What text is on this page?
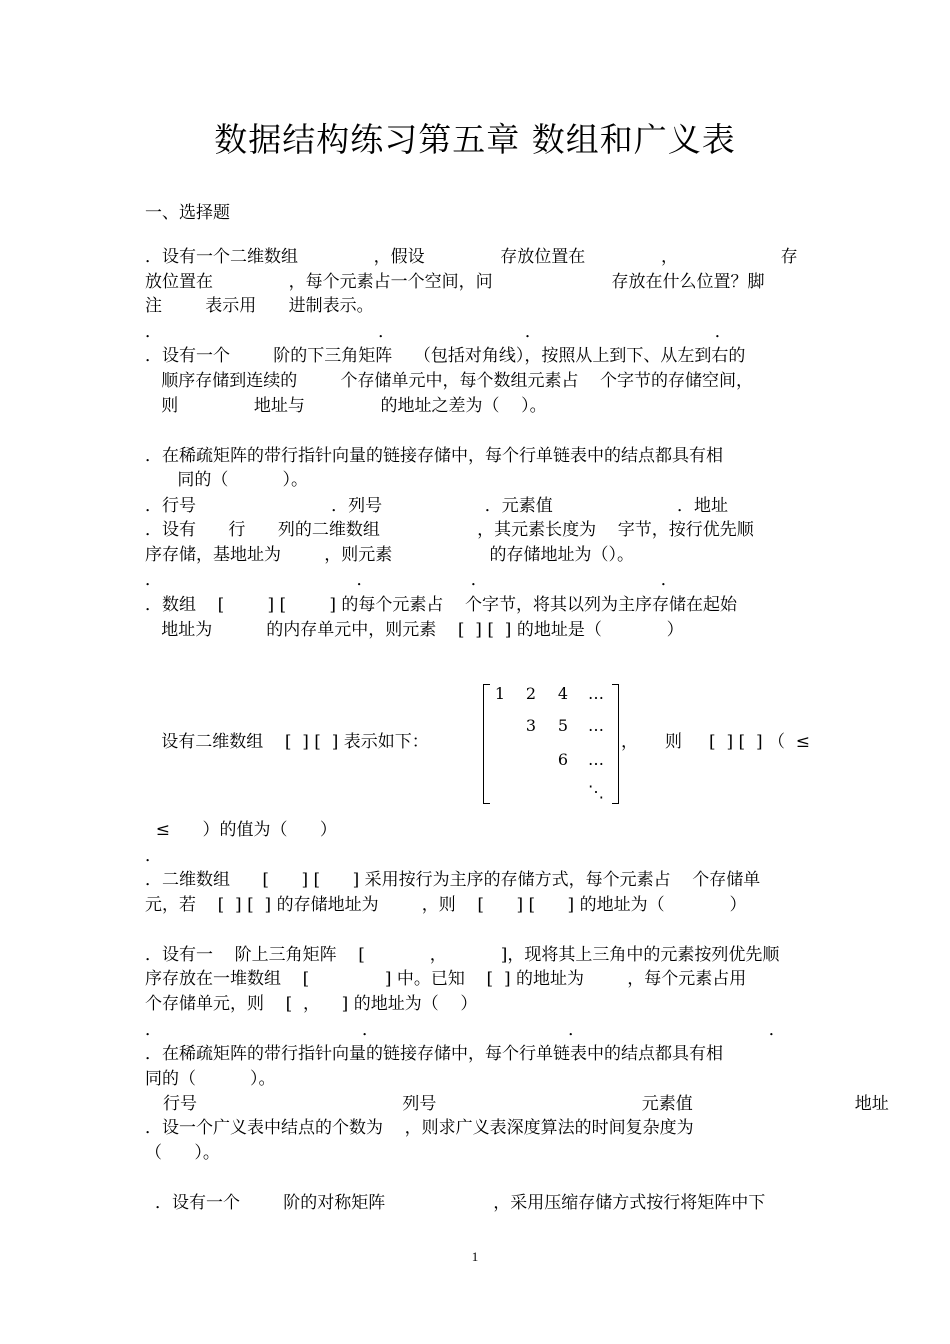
数据结构练习第五章 数组和广义表
一、选择题
．设有一个二维数组              ，假设              存放位置在              ，                   存
放位置在              ，每个元素占一个空间，问                      存放在什么位置？脚
注        表示用      进制表示。
．                                        ．                        ．                                ．
．设有一个        阶的下三角矩阵    （包括对角线），按照从上到下、从左到右的
顺序存储到连续的        个存储单元中，每个数组元素占    个字节的存储空间，
则              地址与              的地址之差为（    ）。
．在稀疏矩阵的带行指针向量的链接存储中，每个行单链表中的结点都具有相
同的（          ）。
．行号                         ．列号                   ．元素值                       ．地址
．设有      行      列的二维数组                  ，其元素长度为    字节，按行优先顺
序存储，基地址为        ，则元素                  的存储地址为（）。
．                                    ．                  ．                                ．
．数组    [        ] [        ] 的每个元素占    个字节，将其以列为主序存储在起始
地址为          的内存单元中，则元素    [  ] [  ] 的地址是（            ）
设有二维数组    [  ] [  ] 表示如下：
1	2	4	…
3	5	…
6	…
⋱
，     则     [  ] [  ] （  ≤
≤      ）的值为（      ）
．
．二维数组      [      ] [      ] 采用按行为主序的存储方式，每个元素占    个存储单
元，若    [  ] [  ] 的存储地址为        ，则    [      ] [      ] 的地址为（            ）
．设有一    阶上三角矩阵    [            ，          ]，现将其上三角中的元素按列优先顺
序存放在一堆数组    [              ] 中。已知    [  ] 的地址为        ，每个元素占用
个存储单元，则    [  ，    ] 的地址为（    ）
．                                     ．                                   ．                                  ．
．在稀疏矩阵的带行指针向量的链接存储中，每个行单链表中的结点都具有相
同的（          ）。
行号                                      列号                                      元素值                              地址
．设一个广义表中结点的个数为    ，则求广义表深度算法的时间复杂度为
（      ）。
．设有一个        阶的对称矩阵                    ，采用压缩存储方式按行将矩阵中下
1
